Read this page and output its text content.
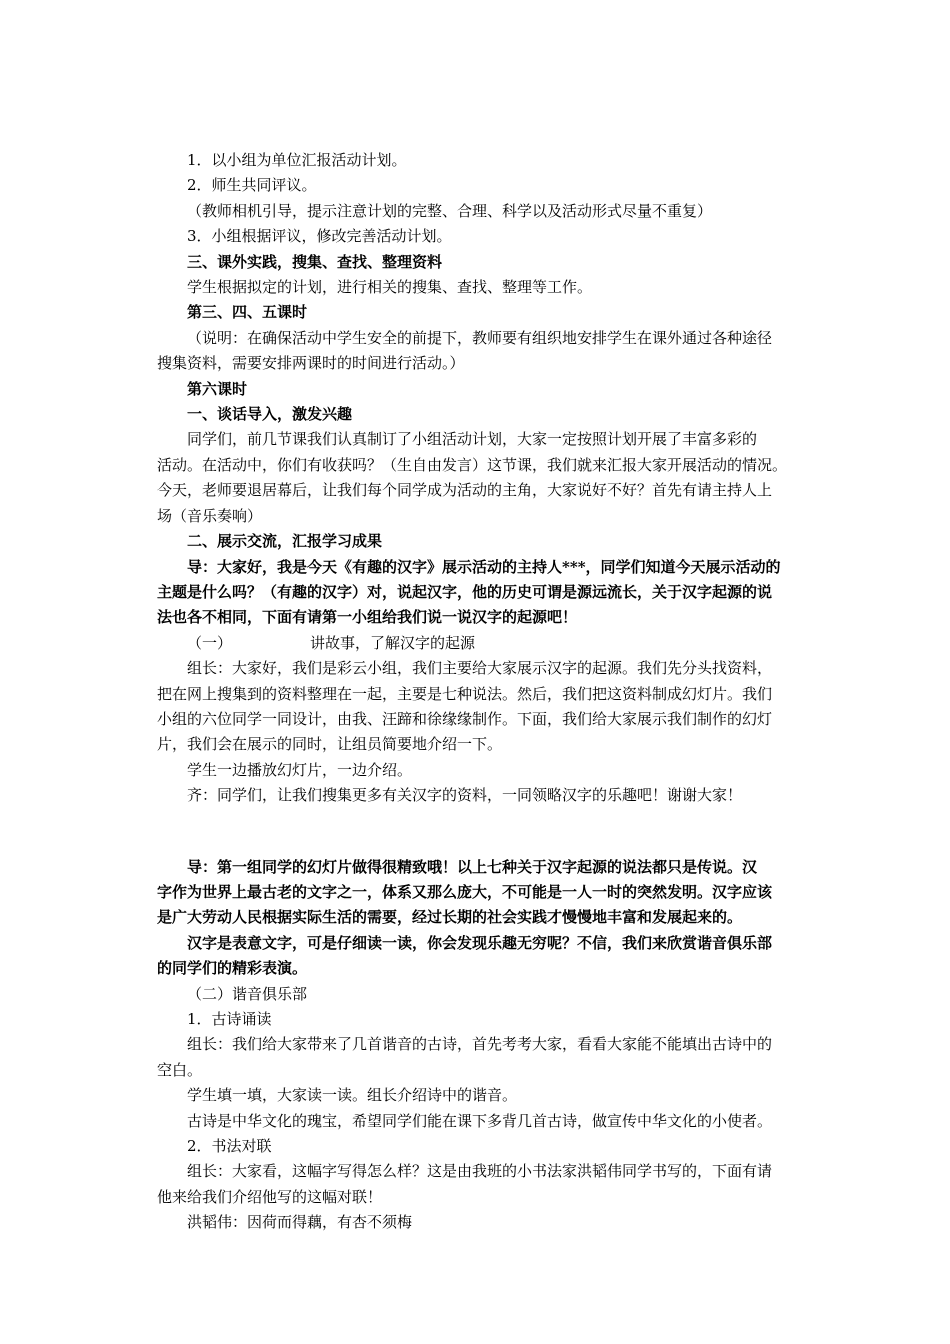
1．以小组为单位汇报活动计划。

2．师生共同评议。

（教师相机引导，提示注意计划的完整、合理、科学以及活动形式尽量不重复）

3．小组根据评议，修改完善活动计划。

三、课外实践，搜集、查找、整理资料

学生根据拟定的计划，进行相关的搜集、查找、整理等工作。

第三、四、五课时

（说明：在确保活动中学生安全的前提下，教师要有组织地安排学生在课外通过各种途径

搜集资料，需要安排两课时的时间进行活动。）

第六课时

一、谈话导入，激发兴趣

同学们，前几节课我们认真制订了小组活动计划，大家一定按照计划开展了丰富多彩的

活动。在活动中，你们有收获吗？（生自由发言）这节课，我们就来汇报大家开展活动的情况。

今天，老师要退居幕后，让我们每个同学成为活动的主角，大家说好不好？首先有请主持人上

场（音乐奏响）

二、展示交流，汇报学习成果

导：大家好，我是今天《有趣的汉字》展示活动的主持人***，同学们知道今天展示活动的

主题是什么吗？（有趣的汉字）对，说起汉字，他的历史可谓是源远流长，关于汉字起源的说

法也各不相同，下面有请第一小组给我们说一说汉字的起源吧！

（一）	讲故事，了解汉字的起源

组长：大家好，我们是彩云小组，我们主要给大家展示汉字的起源。我们先分头找资料，

把在网上搜集到的资料整理在一起，主要是七种说法。然后，我们把这资料制成幻灯片。我们

小组的六位同学一同设计，由我、汪蹄和徐缘缘制作。下面，我们给大家展示我们制作的幻灯

片，我们会在展示的同时，让组员简要地介绍一下。

学生一边播放幻灯片，一边介绍。

齐：同学们，让我们搜集更多有关汉字的资料，一同领略汉字的乐趣吧！谢谢大家！

导：第一组同学的幻灯片做得很精致哦！以上七种关于汉字起源的说法都只是传说。汉

字作为世界上最古老的文字之一，体系又那么庞大，不可能是一人一时的突然发明。汉字应该

是广大劳动人民根据实际生活的需要，经过长期的社会实践才慢慢地丰富和发展起来的。

汉字是表意文字，可是仔细读一读，你会发现乐趣无穷呢？不信，我们来欣赏谐音俱乐部

的同学们的精彩表演。

（二）谐音俱乐部

1．古诗诵读

组长：我们给大家带来了几首谐音的古诗，首先考考大家，看看大家能不能填出古诗中的

空白。

学生填一填，大家读一读。组长介绍诗中的谐音。

古诗是中华文化的瑰宝，希望同学们能在课下多背几首古诗，做宣传中华文化的小使者。

2．书法对联

组长：大家看，这幅字写得怎么样？这是由我班的小书法家洪韬伟同学书写的，下面有请

他来给我们介绍他写的这幅对联！

洪韬伟：因荷而得藕，有杏不须梅
